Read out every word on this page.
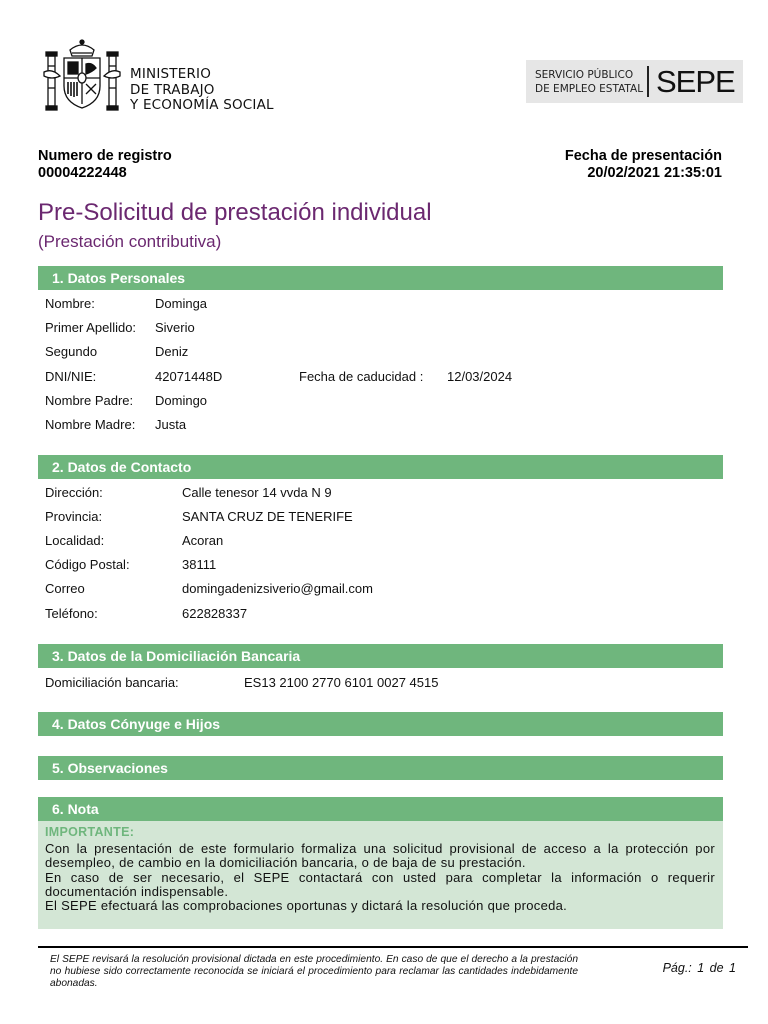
MINISTERIO
DE TRABAJO
Y ECONOMÍA SOCIAL
SERVICIO PÚBLICO
DE EMPLEO ESTATAL SEPE
Numero de registro
00004222448
Fecha de presentación
20/02/2021 21:35:01
Pre-Solicitud de prestación individual
(Prestación contributiva)
1. Datos Personales
Nombre:	Dominga
Primer Apellido: Siverio
Segundo	Deniz
DNI/NIE:	42071448D	Fecha de caducidad : 12/03/2024
Nombre Padre: Domingo
Nombre Madre: Justa
2. Datos de Contacto
Dirección:	Calle tenesor 14 vvda N 9
Provincia:	SANTA CRUZ DE TENERIFE
Localidad:	Acoran
Código Postal:	38111
Correo	domingadenizsiverio@gmail.com
Teléfono:	622828337
3. Datos de la Domiciliación Bancaria
Domiciliación bancaria:	ES13 2100 2770 6101 0027 4515
4. Datos Cónyuge e Hijos
5. Observaciones
6. Nota
IMPORTANTE:

Con la presentación de este formulario formaliza una solicitud provisional de acceso a la protección por desempleo, de cambio en la domiciliación bancaria, o de baja de su prestación.

En caso de ser necesario, el SEPE contactará con usted para completar la información o requerir documentación indispensable.

El SEPE efectuará las comprobaciones oportunas y dictará la resolución que proceda.

El SEPE revisará la resolución provisional dictada en este procedimiento. En caso de que el derecho a la prestación no hubiese sido correctamente reconocida se iniciará el procedimiento para reclamar las cantidades indebidamente abonadas.

Pág.: 1 de 1
